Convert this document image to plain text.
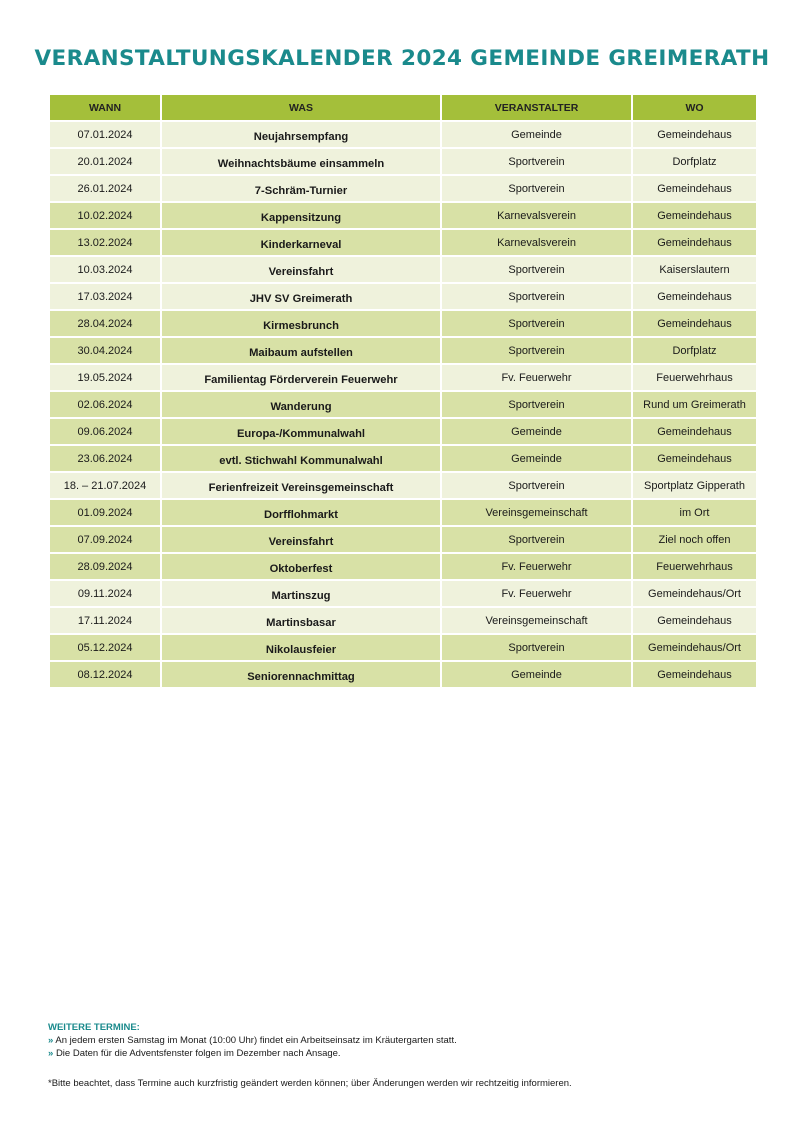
VERANSTALTUNGSKALENDER 2024 GEMEINDE GREIMERATH
WANN	WAS	VERANSTALTER	WO
07.01.2024	Neujahrsempfang	Gemeinde	Gemeindehaus
20.01.2024	Weihnachtsbäume einsammeln	Sportverein	Dorfplatz
26.01.2024	7-Schräm-Turnier	Sportverein	Gemeindehaus
10.02.2024	Kappensitzung	Karnevalsverein	Gemeindehaus
13.02.2024	Kinderkarneval	Karnevalsverein	Gemeindehaus
10.03.2024	Vereinsfahrt	Sportverein	Kaiserslautern
17.03.2024	JHV SV Greimerath	Sportverein	Gemeindehaus
28.04.2024	Kirmesbrunch	Sportverein	Gemeindehaus
30.04.2024	Maibaum aufstellen	Sportverein	Dorfplatz
19.05.2024	Familientag Förderverein Feuerwehr	Fv. Feuerwehr	Feuerwehrhaus
02.06.2024	Wanderung	Sportverein	Rund um Greimerath
09.06.2024	Europa-/Kommunalwahl	Gemeinde	Gemeindehaus
23.06.2024	evtl. Stichwahl Kommunalwahl	Gemeinde	Gemeindehaus
18. – 21.07.2024	Ferienfreizeit Vereinsgemeinschaft	Sportverein	Sportplatz Gipperath
01.09.2024	Dorfflohmarkt	Vereinsgemeinschaft	im Ort
07.09.2024	Vereinsfahrt	Sportverein	Ziel noch offen
28.09.2024	Oktoberfest	Fv. Feuerwehr	Feuerwehrhaus
09.11.2024	Martinszug	Fv. Feuerwehr	Gemeindehaus/Ort
17.11.2024	Martinsbasar	Vereinsgemeinschaft	Gemeindehaus
05.12.2024	Nikolausfeier	Sportverein	Gemeindehaus/Ort
08.12.2024	Seniorennachmittag	Gemeinde	Gemeindehaus
WEITERE TERMINE:
» An jedem ersten Samstag im Monat (10:00 Uhr) findet ein Arbeitseinsatz im Kräutergarten statt.
» Die Daten für die Adventsfenster folgen im Dezember nach Ansage.
*Bitte beachtet, dass Termine auch kurzfristig geändert werden können; über Änderungen werden wir rechtzeitig informieren.
